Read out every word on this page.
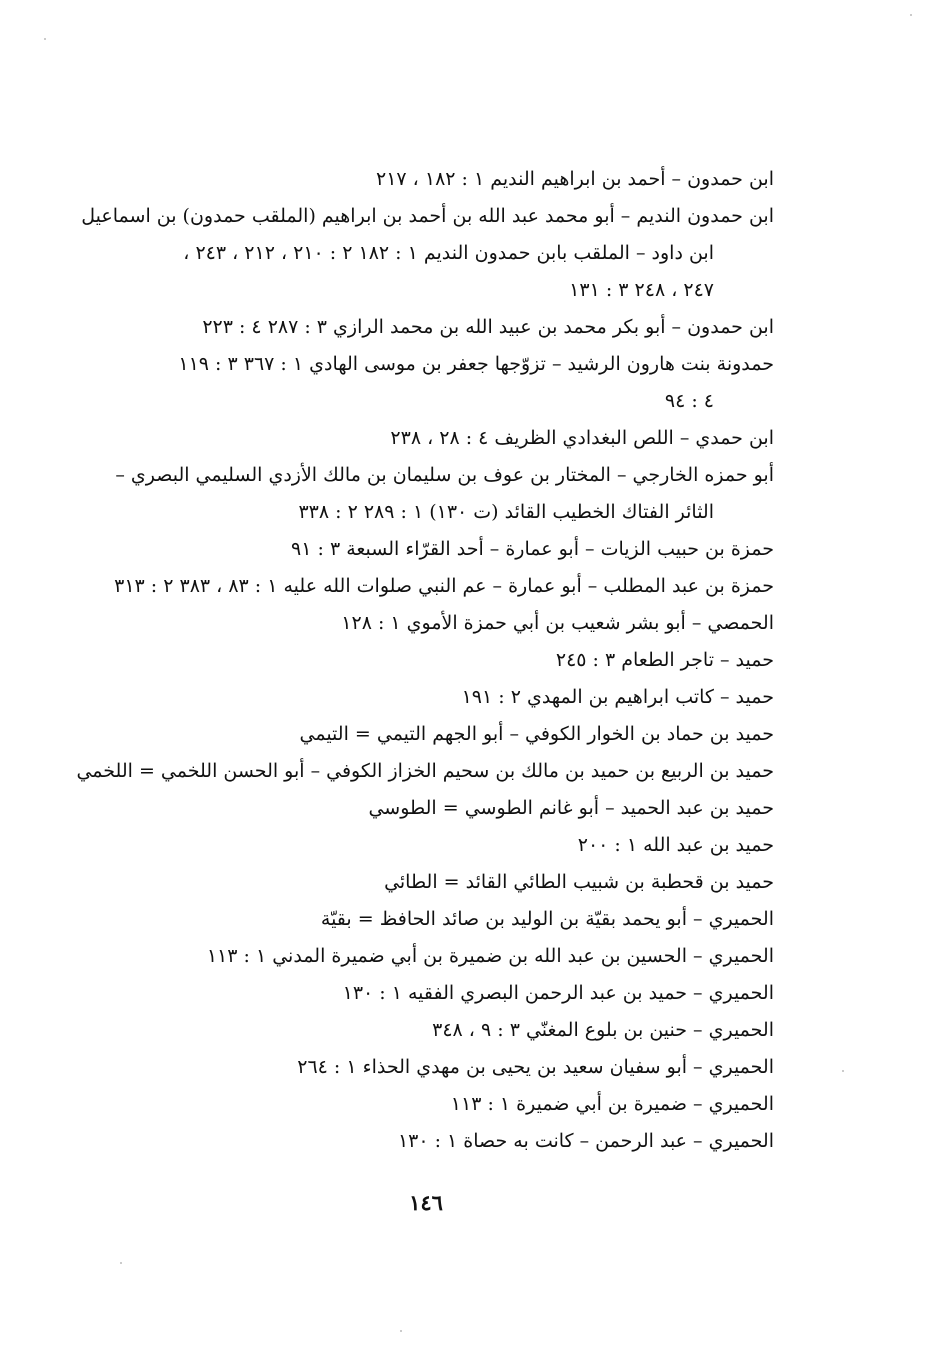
ابن حمدون – أحمد بن ابراهيم النديم ١ : ١٨٢ ، ٢١٧
ابن حمدون النديم – أبو محمد عبد الله بن أحمد بن ابراهيم (الملقب حمدون) بن اسماعيل
ابن داود – الملقب بابن حمدون النديم ١ : ١٨٢ ٢ : ٢١٠ ، ٢١٢ ، ٢٤٣ ،
٢٤٧ ، ٢٤٨ ٣ : ١٣١
ابن حمدون – أبو بكر محمد بن عبيد الله بن محمد الرازي ٣ : ٢٨٧ ٤ : ٢٢٣
حمدونة بنت هارون الرشيد – تزوّجها جعفر بن موسى الهادي ١ : ٣٦٧ ٣ : ١١٩
٤ : ٩٤
ابن حمدي – اللص البغدادي الظريف ٤ : ٢٨ ، ٢٣٨
أبو حمزه الخارجي – المختار بن عوف بن سليمان بن مالك الأزدي السليمي البصري –
الثائر الفتاك الخطيب القائد (ت ١٣٠) ١ : ٢٨٩ ٢ : ٣٣٨
حمزة بن حبيب الزيات – أبو عمارة – أحد القرّاء السبعة ٣ : ٩١
حمزة بن عبد المطلب – أبو عمارة – عم النبي صلوات الله عليه ١ : ٨٣ ، ٣٨٣ ٢ : ٣١٣
الحمصي – أبو بشر شعيب بن أبي حمزة الأموي ١ : ١٢٨
حميد – تاجر الطعام ٣ : ٢٤٥
حميد – كاتب ابراهيم بن المهدي ٢ : ١٩١
حميد بن حماد بن الخوار الكوفي – أبو الجهم التيمي = التيمي
حميد بن الربيع بن حميد بن مالك بن سحيم الخزاز الكوفي – أبو الحسن اللخمي = اللخمي
حميد بن عبد الحميد – أبو غانم الطوسي = الطوسي
حميد بن عبد الله ١ : ٢٠٠
حميد بن قحطبة بن شبيب الطائي القائد = الطائي
الحميري – أبو يحمد بقيّة بن الوليد بن صائد الحافظ = بقيّة
الحميري – الحسين بن عبد الله بن ضميرة بن أبي ضميرة المدني ١ : ١١٣
الحميري – حميد بن عبد الرحمن البصري الفقيه ١ : ١٣٠
الحميري – حنين بن بلوع المغنّي ٣ : ٩ ، ٣٤٨
الحميري – أبو سفيان سعيد بن يحيى بن مهدي الحذاء ١ : ٢٦٤
الحميري – ضميرة بن أبي ضميرة ١ : ١١٣
الحميري – عبد الرحمن – كانت به حصاة ١ : ١٣٠
١٤٦
